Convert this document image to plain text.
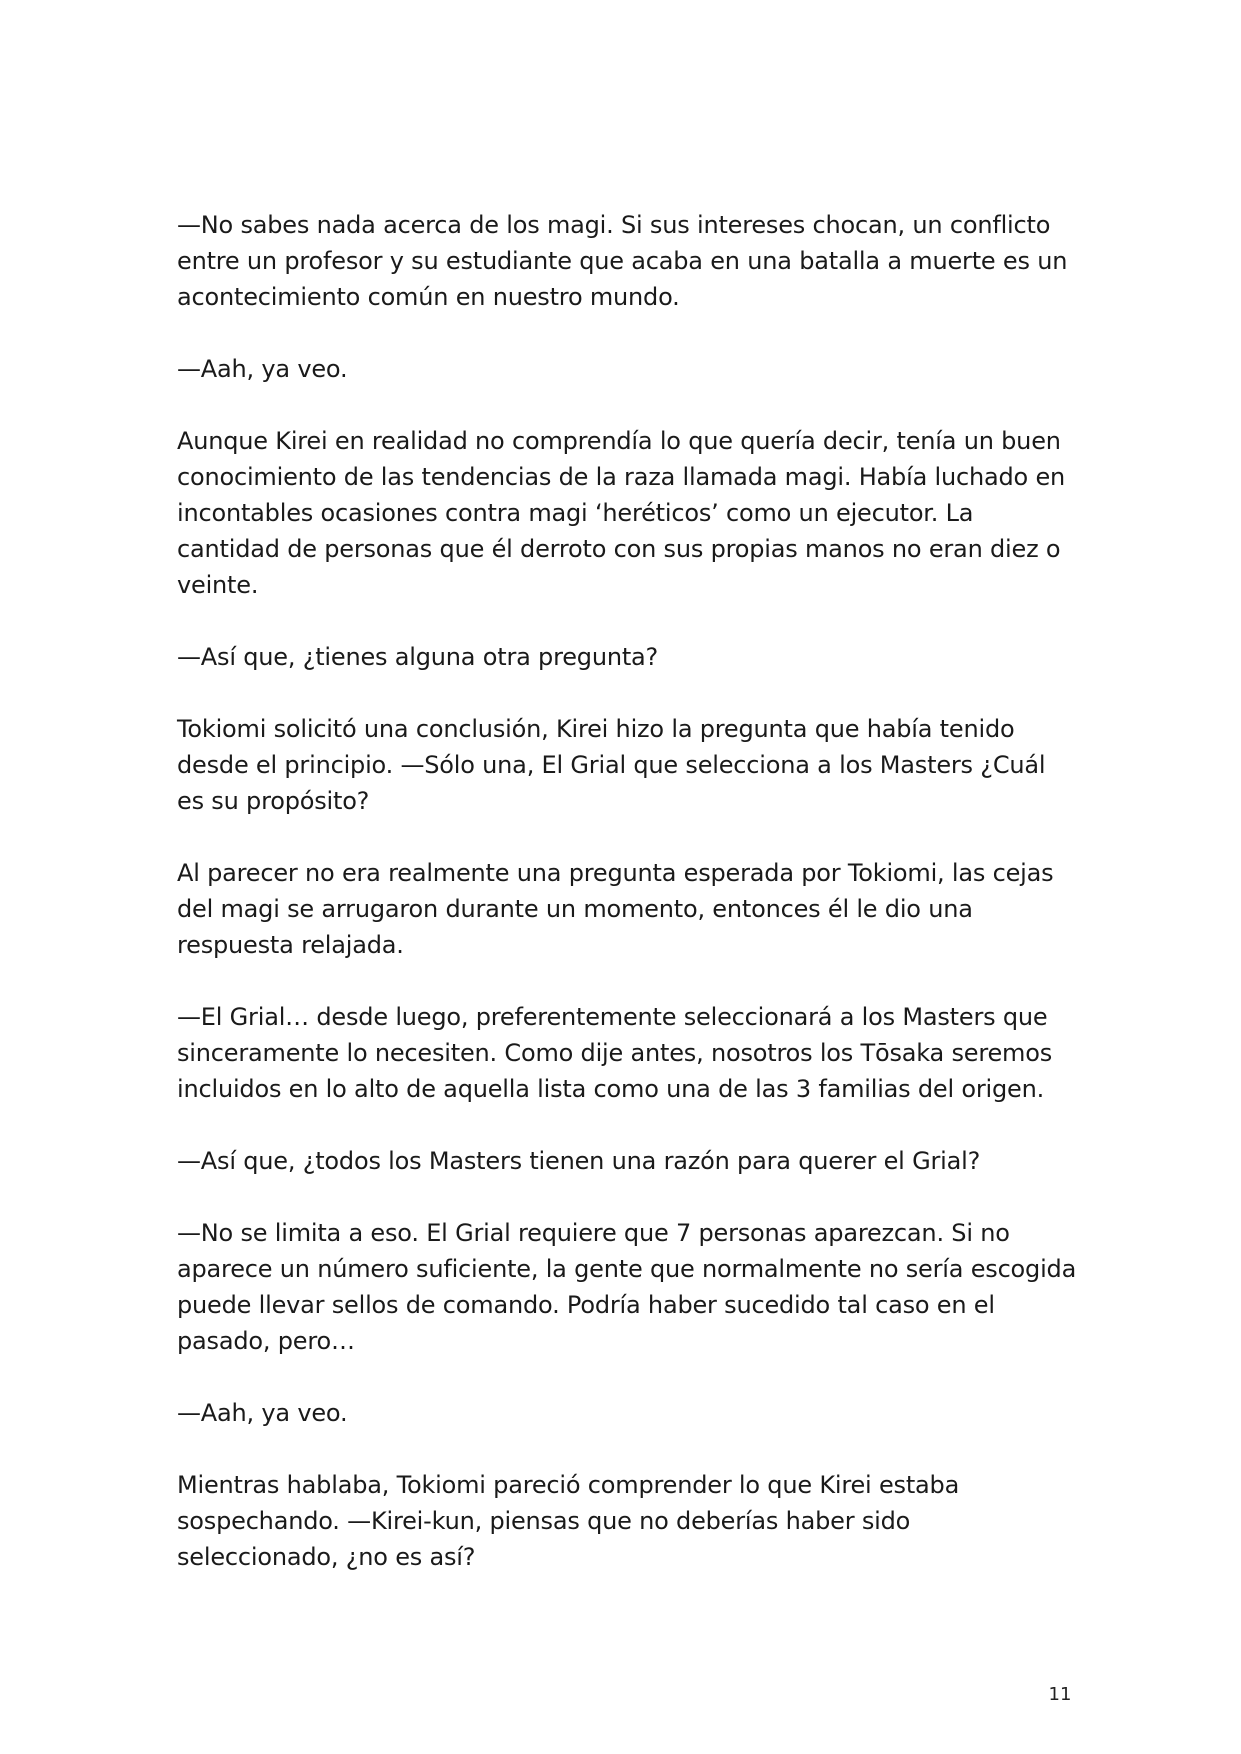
—No sabes nada acerca de los magi. Si sus intereses chocan, un conflicto entre un profesor y su estudiante que acaba en una batalla a muerte es un acontecimiento común en nuestro mundo.

—Aah, ya veo.

Aunque Kirei en realidad no comprendía lo que quería decir, tenía un buen conocimiento de las tendencias de la raza llamada magi. Había luchado en incontables ocasiones contra magi ‘heréticos’ como un ejecutor. La cantidad de personas que él derroto con sus propias manos no eran diez o veinte.

—Así que, ¿tienes alguna otra pregunta?

Tokiomi solicitó una conclusión, Kirei hizo la pregunta que había tenido desde el principio. —Sólo una, El Grial que selecciona a los Masters ¿Cuál es su propósito?

Al parecer no era realmente una pregunta esperada por Tokiomi, las cejas del magi se arrugaron durante un momento, entonces él le dio una respuesta relajada.

—El Grial… desde luego, preferentemente seleccionará a los Masters que sinceramente lo necesiten. Como dije antes, nosotros los Tōsaka seremos incluidos en lo alto de aquella lista como una de las 3 familias del origen.

—Así que, ¿todos los Masters tienen una razón para querer el Grial?

—No se limita a eso. El Grial requiere que 7 personas aparezcan. Si no aparece un número suficiente, la gente que normalmente no sería escogida puede llevar sellos de comando. Podría haber sucedido tal caso en el pasado, pero…

—Aah, ya veo.

Mientras hablaba, Tokiomi pareció comprender lo que Kirei estaba sospechando. —Kirei-kun, piensas que no deberías haber sido seleccionado, ¿no es así?

11
